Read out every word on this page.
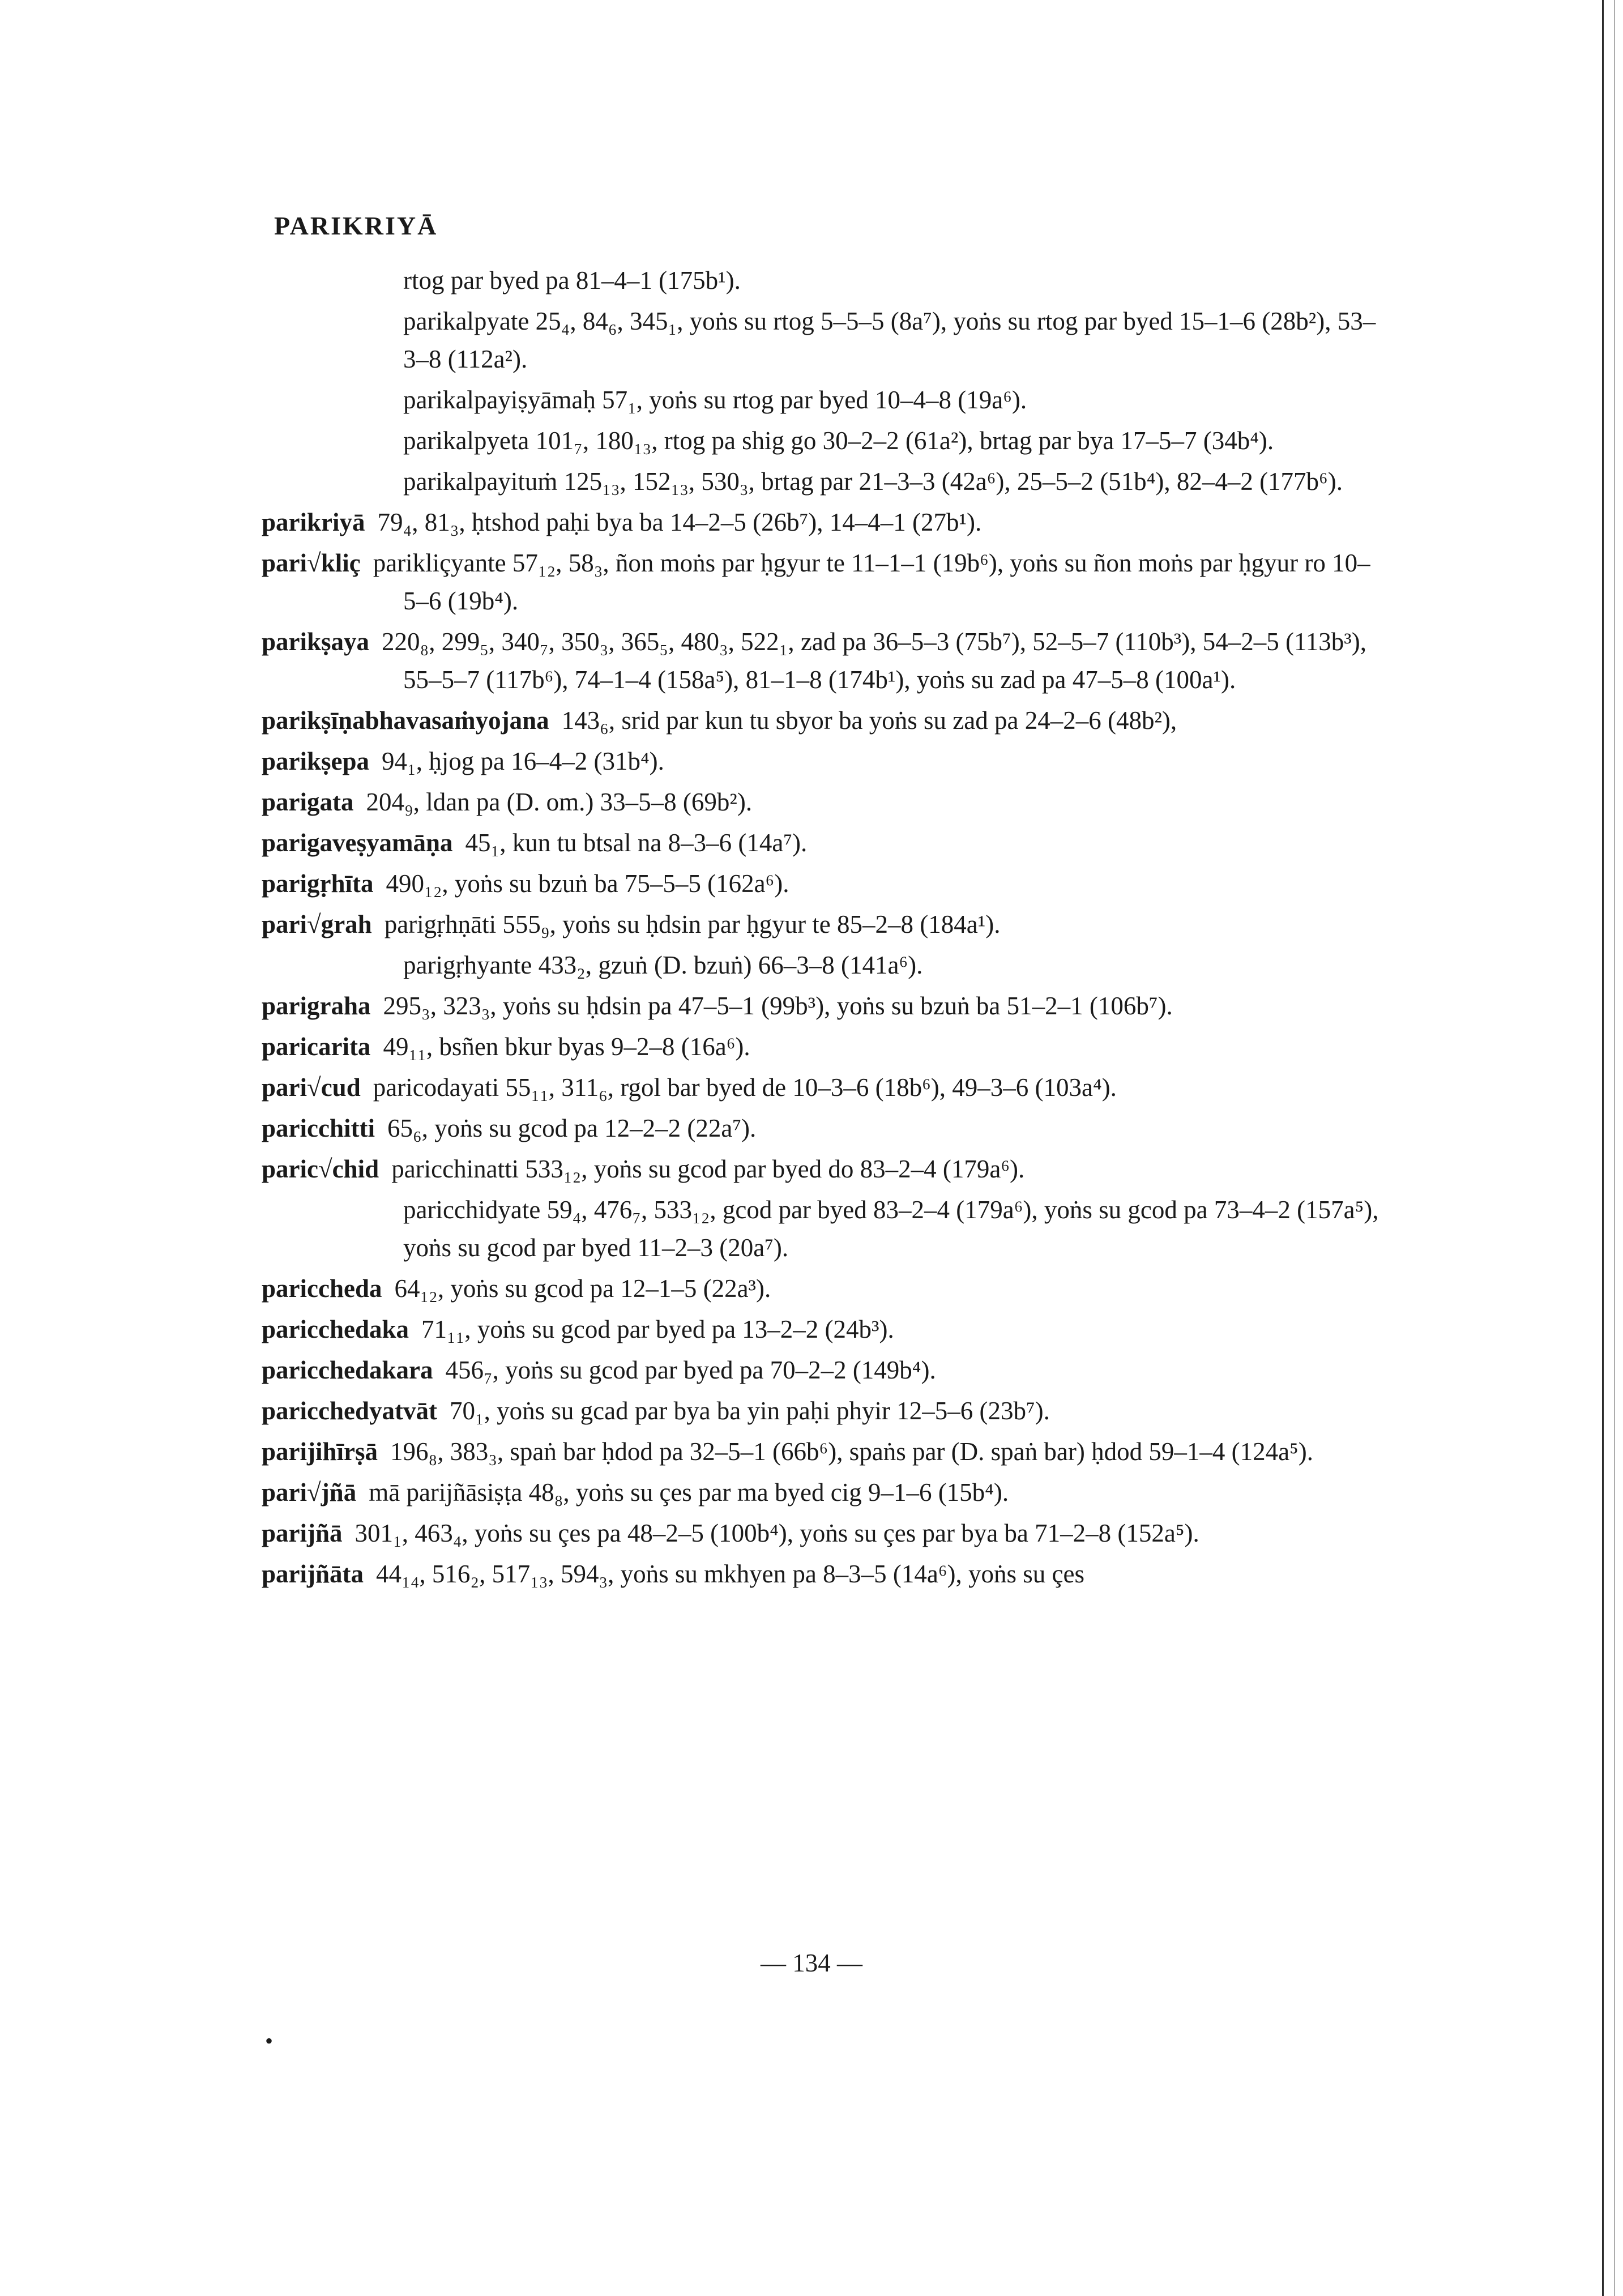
PARIKRIYĀ
rtog par byed pa 81–4–1 (175b¹).
parikalpyate 25₄, 84₆, 345₁, yoṅs su rtog 5–5–5 (8a⁷), yoṅs su rtog par byed 15–1–6 (28b²), 53–3–8 (112a²).
parikalpayiṣyāmaḥ 57₁, yoṅs su rtog par byed 10–4–8 (19a⁶).
parikalpyeta 101₇, 180₁₃, rtog pa shig go 30–2–2 (61a²), brtag par bya 17–5–7 (34b⁴).
parikalpayituṁ 125₁₃, 152₁₃, 530₃, brtag par 21–3–3 (42a⁶), 25–5–2 (51b⁴), 82–4–2 (177b⁶).
parikriyā 79₄, 81₃, ḥtshod paḥi bya ba 14–2–5 (26b⁷), 14–4–1 (27b¹).
pari√kliç parikliçyante 57₁₂, 58₃, ñon moṅs par ḥgyur te 11–1–1 (19b⁶), yoṅs su ñon moṅs par ḥgyur ro 10–5–6 (19b⁴).
parikṣaya 220₈, 299₅, 340₇, 350₃, 365₅, 480₃, 522₁, zad pa 36–5–3 (75b⁷), 52–5–7 (110b³), 54–2–5 (113b³), 55–5–7 (117b⁶), 74–1–4 (158a⁵), 81–1–8 (174b¹), yoṅs su zad pa 47–5–8 (100a¹).
parikṣīṇabhavasaṁyojana 143₆, srid par kun tu sbyor ba yoṅs su zad pa 24–2–6 (48b²),
parikṣepa 94₁, ḥjog pa 16–4–2 (31b⁴).
parigata 204₉, ldan pa (D. om.) 33–5–8 (69b²).
parigaveṣyamāṇa 45₁, kun tu btsal na 8–3–6 (14a⁷).
parigṛhīta 490₁₂, yoṅs su bzuṅ ba 75–5–5 (162a⁶).
pari√grah parigṛhṇāti 555₉, yoṅs su ḥdsin par ḥgyur te 85–2–8 (184a¹).
parigṛhyante 433₂, gzuṅ (D. bzuṅ) 66–3–8 (141a⁶).
parigraha 295₃, 323₃, yoṅs su ḥdsin pa 47–5–1 (99b³), yoṅs su bzuṅ ba 51–2–1 (106b⁷).
paricarita 49₁₁, bsñen bkur byas 9–2–8 (16a⁶).
pari√cud paricodayati 55₁₁, 311₆, rgol bar byed de 10–3–6 (18b⁶), 49–3–6 (103a⁴).
paricchitti 65₆, yoṅs su gcod pa 12–2–2 (22a⁷).
paric√chid paricchinatti 533₁₂, yoṅs su gcod par byed do 83–2–4 (179a⁶).
paricchidyate 59₄, 476₇, 533₁₂, gcod par byed 83–2–4 (179a⁶), yoṅs su gcod pa 73–4–2 (157a⁵), yoṅs su gcod par byed 11–2–3 (20a⁷).
pariccheda 64₁₂, yoṅs su gcod pa 12–1–5 (22a³).
paricchedaka 71₁₁, yoṅs su gcod par byed pa 13–2–2 (24b³).
paricchedakara 456₇, yoṅs su gcod par byed pa 70–2–2 (149b⁴).
paricchedyatvāt 70₁, yoṅs su gcad par bya ba yin paḥi phyir 12–5–6 (23b⁷).
parijihīrṣā 196₈, 383₃, spaṅ bar ḥdod pa 32–5–1 (66b⁶), spaṅs par (D. spaṅ bar) ḥdod 59–1–4 (124a⁵).
pari√jñā mā parijñāsiṣṭa 48₈, yoṅs su çes par ma byed cig 9–1–6 (15b⁴).
parijñā 301₁, 463₄, yoṅs su çes pa 48–2–5 (100b⁴), yoṅs su çes par bya ba 71–2–8 (152a⁵).
parijñāta 44₁₄, 516₂, 517₁₃, 594₃, yoṅs su mkhyen pa 8–3–5 (14a⁶), yoṅs su çes
— 134 —
•
